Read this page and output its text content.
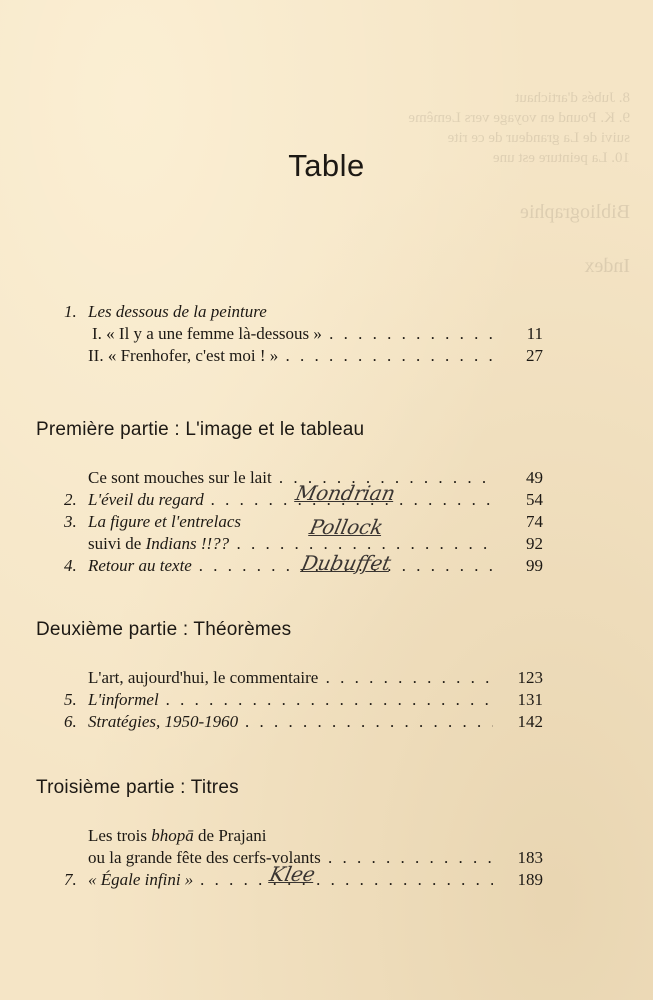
8. Jubés d'artichaut
9. K. Pound en voyage vers Lemême
suivi de La grandeur de ce rite
10. La peinture est une
Bibliographie
Index
Table
1. Les dessous de la peinture
I. « Il y a une femme là-dessous » . . .	11
II. « Frenhofer, c'est moi ! » . . .	27
Première partie : L'image et le tableau
Ce sont mouches sur le lait . . .	49
2. L'éveil du regard . . .	54
Mondrian
3. La figure et l'entrelacs	74
suivi de Indians !!?? . . .	92
Pollock
4. Retour au texte . . .	99
Dubuffet
Deuxième partie : Théorèmes
L'art, aujourd'hui, le commentaire . . .	123
5. L'informel . . .	131
6. Stratégies, 1950-1960 . . .	142
Troisième partie : Titres
Les trois bhopā de Prajani
ou la grande fête des cerfs-volants . . .	183
7. « Égale infini » . . .	189
Klee
